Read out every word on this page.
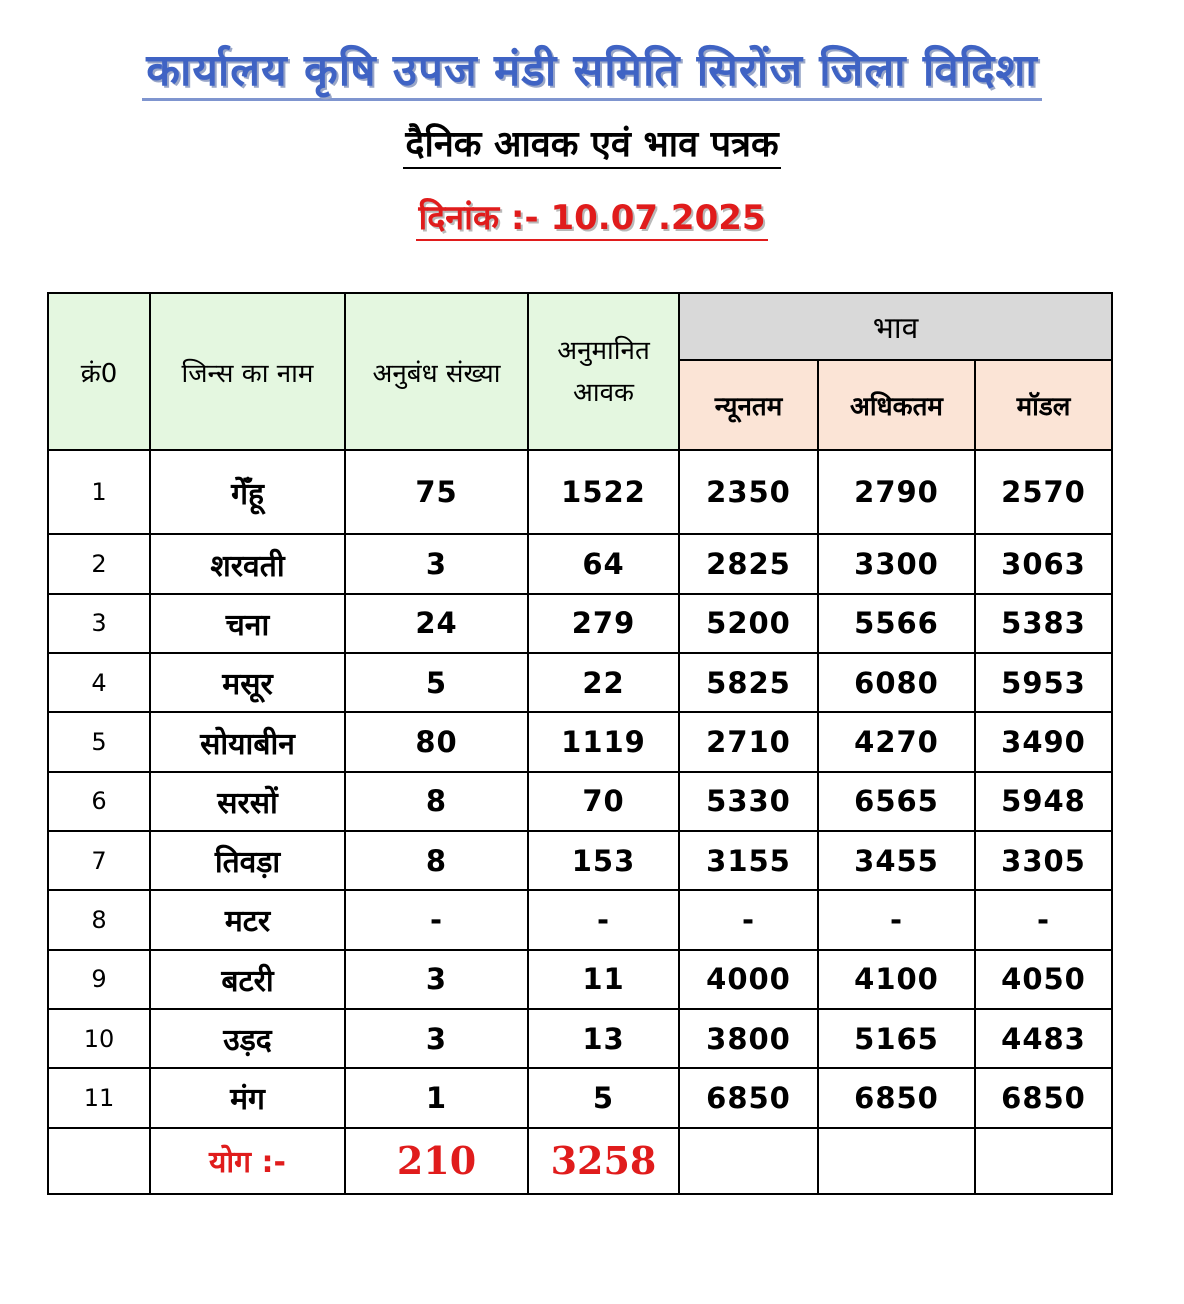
कार्यालय कृषि उपज मंडी समिति सिरोंज जिला विदिशा
दैनिक आवक एवं भाव पत्रक
दिनांक :- 10.07.2025
क्रं0	जिन्स का नाम	अनुबंध संख्या	अनुमानित आवक	भाव		
				न्यूनतम	अधिकतम	मॉडल
1	गेँहू	75	1522	2350	2790	2570
2	शरवती	3	64	2825	3300	3063
3	चना	24	279	5200	5566	5383
4	मसूर	5	22	5825	6080	5953
5	सोयाबीन	80	1119	2710	4270	3490
6	सरसों	8	70	5330	6565	5948
7	तिवड़ा	8	153	3155	3455	3305
8	मटर	-	-	-	-	-
9	बटरी	3	11	4000	4100	4050
10	उड़द	3	13	3800	5165	4483
11	मंग	1	5	6850	6850	6850
	योग :-	210	3258			
